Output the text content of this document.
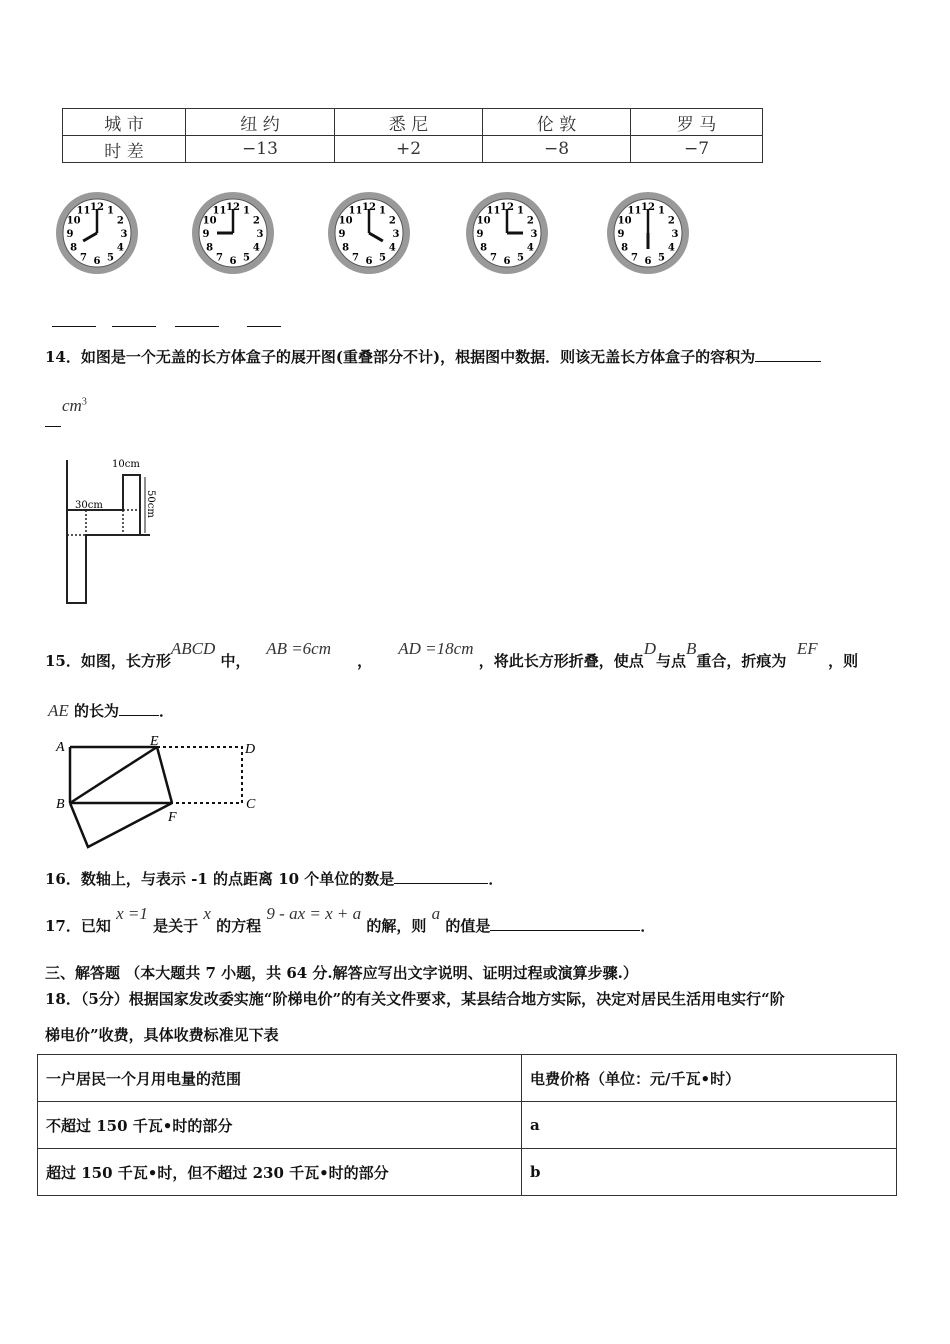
城 市	纽 约	悉 尼	伦 敦	罗 马
时 差	−13	+2	−8	−7
12 1
2
3
4
5
6
7
8
9
10
11	12 1
2
3
4
5
6
7
8
9
10
11	12 1
2
3
4
5
6
7
8
9
10
11	12 1
2
3
4
5
6
7
8
9
10
11	12 1
2
3
4
5
6
7
8
9
10
11
14．如图是一个无盖的长方体盒子的展开图(重叠部分不计)，根据图中数据．则该无盖长方体盒子的容积为
$cm^3$
10cm
30cm	50cm
15．如图，长方形ABCD 中，   AB =6cm     ，     AD =18cm ，将此长方形折叠，使点D与点B重合，折痕为  EF  ，则
AE 的长为	．
A	E
D
B
F
C
16．数轴上，与表示 -1 的点距离 10 个单位的数是	．
17．已知 x =1 是关于 x 的方程 9 - ax = x + a 的解，则 a 的值是	．
三、解答题 （本大题共 7 小题，共 64 分.解答应写出文字说明、证明过程或演算步骤.）
18．（5分）根据国家发改委实施“阶梯电价”的有关文件要求，某县结合地方实际，决定对居民生活用电实行“阶
梯电价”收费，具体收费标准见下表
一户居民一个月用电量的范围	电费价格（单位：元/千瓦•时）
不超过 150 千瓦•时的部分	a
超过 150 千瓦•时，但不超过 230 千瓦•时的部分	b
